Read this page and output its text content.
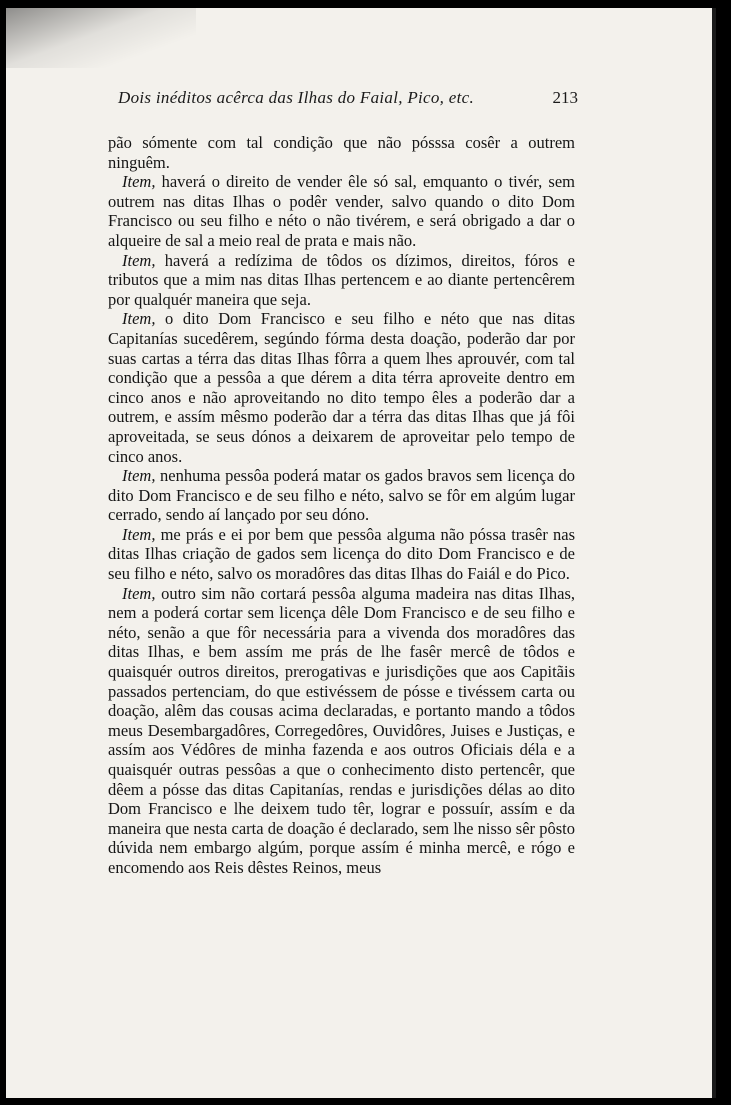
Dois inéditos acêrca das Ilhas do Faial, Pico, etc.	213

pão sómente com tal condição que não pósssa cosêr a outrem ninguêm.

Item, haverá o direito de vender êle só sal, emquanto o tivér, sem outrem nas ditas Ilhas o podêr vender, salvo quando o dito Dom Francisco ou seu filho e néto o não tivérem, e será obrigado a dar o alqueire de sal a meio real de prata e mais não.

Item, haverá a redízima de tôdos os dízimos, direitos, fóros e tributos que a mim nas ditas Ilhas pertencem e ao diante pertencêrem por qualquér maneira que seja.

Item, o dito Dom Francisco e seu filho e néto que nas ditas Capitanías sucedêrem, segúndo fórma desta doação, poderão dar por suas cartas a térra das ditas Ilhas fôrra a quem lhes aprouvér, com tal condição que a pessôa a que dérem a dita térra aproveite dentro em cinco anos e não aproveitando no dito tempo êles a poderão dar a outrem, e assím mêsmo poderão dar a térra das ditas Ilhas que já fôi aproveitada, se seus dónos a deixarem de aproveitar pelo tempo de cinco anos.

Item, nenhuma pessôa poderá matar os gados bravos sem licença do dito Dom Francisco e de seu filho e néto, salvo se fôr em algúm lugar cerrado, sendo aí lançado por seu dóno.

Item, me prás e ei por bem que pessôa alguma não póssa trasêr nas ditas Ilhas criação de gados sem licença do dito Dom Francisco e de seu filho e néto, salvo os moradôres das ditas Ilhas do Faiál e do Pico.

Item, outro sim não cortará pessôa alguma madeira nas ditas Ilhas, nem a poderá cortar sem licença dêle Dom Francisco e de seu filho e néto, senão a que fôr necessária para a vivenda dos moradôres das ditas Ilhas, e bem assím me prás de lhe fasêr mercê de tôdos e quaisquér outros direitos, prerogativas e jurisdições que aos Capitãis passados pertenciam, do que estivéssem de pósse e tivéssem carta ou doação, alêm das cousas acima declaradas, e portanto mando a tôdos meus Desembargadôres, Corregedôres, Ouvidôres, Juises e Justiças, e assím aos Védôres de minha fazenda e aos outros Oficiais déla e a quaisquér outras pessôas a que o conhecimento disto pertencêr, que dêem a pósse das ditas Capitanías, rendas e jurisdições délas ao dito Dom Francisco e lhe deixem tudo têr, lograr e possuír, assím e da maneira que nesta carta de doação é declarado, sem lhe nisso sêr pôsto dúvida nem embargo algúm, porque assím é minha mercê, e rógo e encomendo aos Reis dêstes Reinos, meus
